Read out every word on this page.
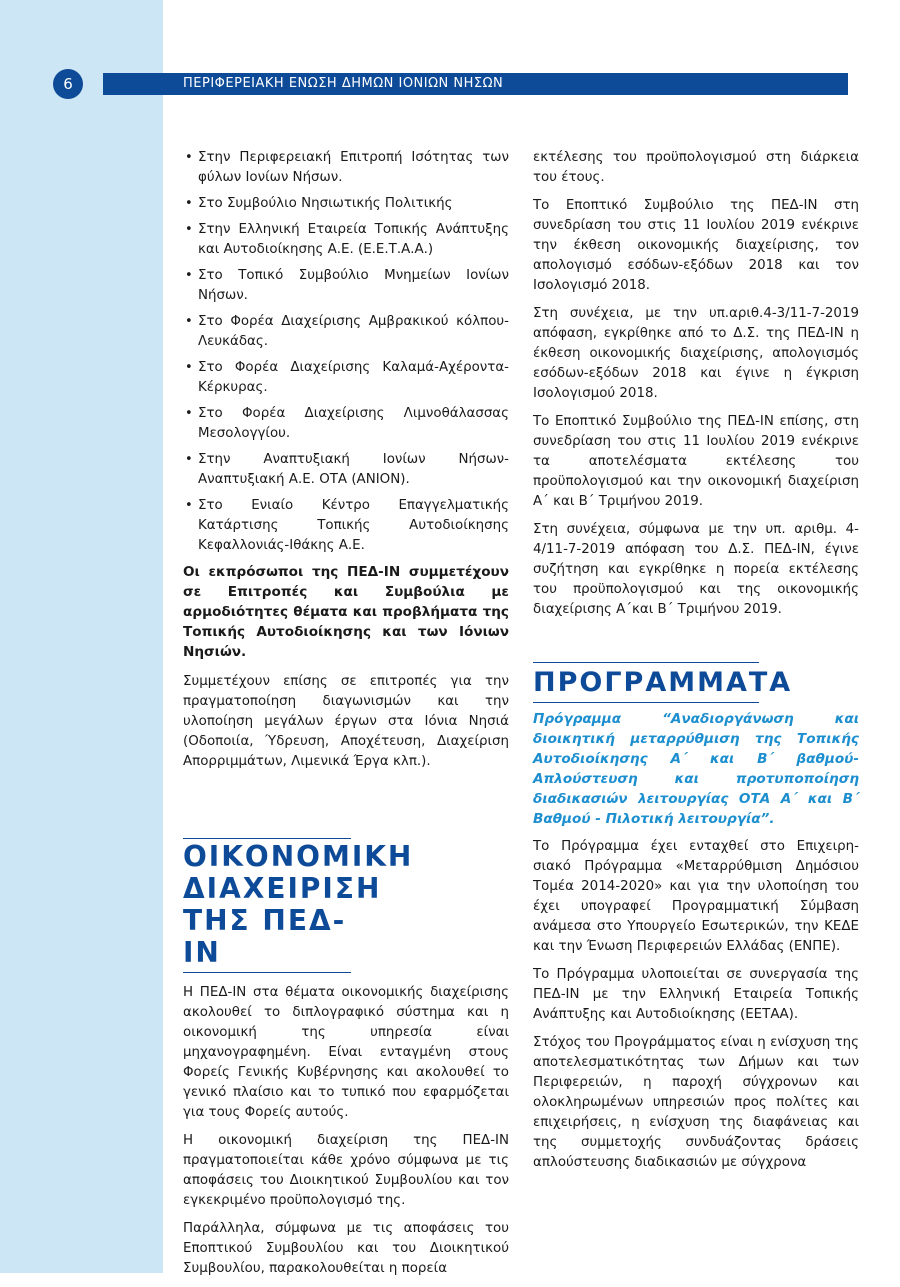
6	ΠΕΡΙΦΕΡΕΙΑΚΗ ΕΝΩΣΗ ΔΗΜΩΝ ΙΟΝΙΩΝ ΝΗΣΩΝ
• Στην Περιφερειακή Επιτροπή Ισότητας των φύλων Ιονίων Νήσων.
• Στο Συμβούλιο Νησιωτικής Πολιτικής
• Στην Ελληνική Εταιρεία Τοπικής Ανάπτυξης και Αυτοδιοίκησης Α.Ε. (Ε.Ε.Τ.Α.Α.)
• Στο Τοπικό Συμβούλιο Μνημείων Ιονίων Νήσων.
• Στο Φορέα Διαχείρισης Αμβρακικού κόλπου-Λευκάδας.
• Στο Φορέα Διαχείρισης Καλαμά-Αχέροντα-Κέρκυρας.
• Στο Φορέα Διαχείρισης Λιμνοθάλασσας Μεσολογγίου.
• Στην Αναπτυξιακή Ιονίων Νήσων-Αναπτυξιακή Α.Ε. ΟΤΑ (ANION).
• Στο Ενιαίο Κέντρο Επαγγελματικής Κατάρτισης Τοπικής Αυτοδιοίκησης Κεφαλλονιάς-Ιθάκης Α.Ε.

Οι εκπρόσωποι της ΠΕΔ-ΙΝ συμμετέχουν σε Επιτροπές και Συμβούλια με αρμοδιότητες θέματα και προβλήματα της Τοπικής Αυτοδιοίκησης και των Ιόνιων Νησιών.

Συμμετέχουν επίσης σε επιτροπές για την πραγματοποίηση διαγωνισμών και την υλοποίηση μεγάλων έργων στα Ιόνια Νησιά (Οδοποιία, Ύδρευση, Αποχέτευση, Διαχείριση Απορριμμάτων, Λιμενικά Έργα κλπ.).

ΟΙΚΟΝΟΜΙΚΗ
ΔΙΑΧΕΙΡΙΣΗ
ΤΗΣ ΠΕΔ-ΙΝ

Η ΠΕΔ-ΙΝ στα θέματα οικονομικής διαχείρισης ακολουθεί το διπλογραφικό σύστημα και η οικονομική της υπηρεσία είναι μηχανογραφημένη. Είναι ενταγμένη στους Φορείς Γενικής Κυβέρνησης και ακολουθεί το γενικό πλαίσιο και το τυπικό που εφαρμόζεται για τους Φορείς αυτούς.

Η οικονομική διαχείριση της ΠΕΔ-ΙΝ πραγματοποιείται κάθε χρόνο σύμφωνα με τις αποφάσεις του Διοικητικού Συμβουλίου και τον εγκεκριμένο προϋπολογισμό της.

Παράλληλα, σύμφωνα με τις αποφάσεις του Εποπτικού Συμβουλίου και του Διοικητικού Συμβουλίου, παρακολουθείται η πορεία

εκτέλεσης του προϋπολογισμού στη διάρκεια του έτους.

Το Εποπτικό Συμβούλιο της ΠΕΔ-ΙΝ στη συνεδρίαση του στις 11 Ιουλίου 2019 ενέκρινε την έκθεση οικονομικής διαχείρισης, τον απολογισμό εσόδων-εξόδων 2018 και τον Ισολογισμό 2018.

Στη συνέχεια, με την υπ.αριθ.4-3/11-7-2019 απόφαση, εγκρίθηκε από το Δ.Σ. της ΠΕΔ-ΙΝ η έκθεση οικονομικής διαχείρισης, απολογισμός εσόδων-εξόδων 2018 και έγινε η έγκριση Ισολογισμού 2018.

Το Εποπτικό Συμβούλιο της ΠΕΔ-ΙΝ επίσης, στη συνεδρίαση του στις 11 Ιουλίου 2019 ενέκρινε τα αποτελέσματα εκτέλεσης του προϋπολογισμού και την οικονομική διαχείριση Α΄ και Β΄ Τριμήνου 2019.

Στη συνέχεια, σύμφωνα με την υπ. αριθμ. 4-4/11-7-2019 απόφαση του Δ.Σ. ΠΕΔ-ΙΝ, έγινε συζήτηση και εγκρίθηκε η πορεία εκτέλεσης του προϋπολογισμού και της οικονομικής διαχείρισης Α΄και Β΄ Τριμήνου 2019.

ΠΡΟΓΡΑΜΜΑΤΑ

Πρόγραμμα “Αναδιοργάνωση και διοικητική μεταρρύθμιση της Τοπικής Αυτοδιοίκησης Α΄ και Β΄ βαθμού-Απλούστευση και προτυποποίηση διαδικασιών λειτουργίας ΟΤΑ Α΄ και Β΄ Βαθμού - Πιλοτική λειτουργία”.

Το Πρόγραμμα έχει ενταχθεί στο Επιχειρη-σιακό Πρόγραμμα «Μεταρρύθμιση Δημόσιου Τομέα 2014-2020» και για την υλοποίηση του έχει υπογραφεί Προγραμματική Σύμβαση ανάμεσα στο Υπουργείο Εσωτερικών, την ΚΕΔΕ και την Ένωση Περιφερειών Ελλάδας (ΕΝΠΕ).

Το Πρόγραμμα υλοποιείται σε συνεργασία της ΠΕΔ-ΙΝ με την Ελληνική Εταιρεία Τοπικής Ανάπτυξης και Αυτοδιοίκησης (ΕΕΤΑΑ).

Στόχος του Προγράμματος είναι η ενίσχυση της αποτελεσματικότητας των Δήμων και των Περιφερειών, η παροχή σύγχρονων και ολοκληρωμένων υπηρεσιών προς πολίτες και επιχειρήσεις, η ενίσχυση της διαφάνειας και της συμμετοχής συνδυάζοντας δράσεις απλούστευσης διαδικασιών με σύγχρονα
